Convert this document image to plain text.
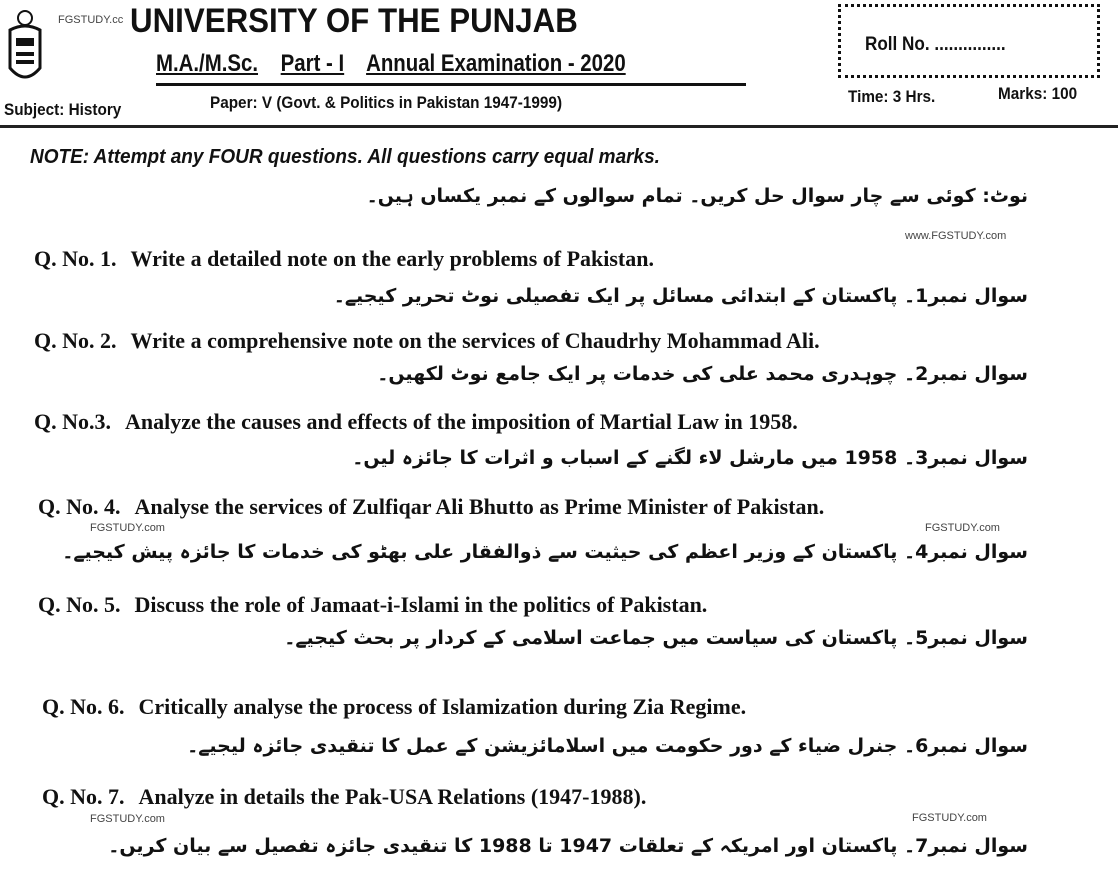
FGSTUDY.cc UNIVERSITY OF THE PUNJAB
M.A./M.Sc. Part - I Annual Examination - 2020
Roll No. ...............
Subject: History	Paper: V (Govt. & Politics in Pakistan 1947-1999)	Time: 3 Hrs.	Marks: 100
NOTE: Attempt any FOUR questions. All questions carry equal marks.
نوٹ: کوئی سے چار سوال حل کریں۔ تمام سوالوں کے نمبر یکساں ہیں۔
www.FGSTUDY.com
FGSTUDY.com
FGSTUDY.com
FGSTUDY.com
FGSTUDY.com
Q. No. 1. Write a detailed note on the early problems of Pakistan.
سوال نمبر1۔ پاکستان کے ابتدائی مسائل پر ایک تفصیلی نوٹ تحریر کیجیے۔
Q. No. 2. Write a comprehensive note on the services of Chaudrhy Mohammad Ali.
سوال نمبر2۔ چوہدری محمد علی کی خدمات پر ایک جامع نوٹ لکھیں۔
Q. No.3. Analyze the causes and effects of the imposition of Martial Law in 1958.
سوال نمبر3۔ 1958 میں مارشل لاء لگنے کے اسباب و اثرات کا جائزہ لیں۔
Q. No. 4. Analyse the services of Zulfiqar Ali Bhutto as Prime Minister of Pakistan.
سوال نمبر4۔ پاکستان کے وزیر اعظم کی حیثیت سے ذوالفقار علی بھٹو کی خدمات کا جائزہ پیش کیجیے۔
Q. No. 5. Discuss the role of Jamaat-i-Islami in the politics of Pakistan.
سوال نمبر5۔ پاکستان کی سیاست میں جماعت اسلامی کے کردار پر بحث کیجیے۔
Q. No. 6. Critically analyse the process of Islamization during Zia Regime.
سوال نمبر6۔ جنرل ضیاء کے دور حکومت میں اسلامائزیشن کے عمل کا تنقیدی جائزہ لیجیے۔
Q. No. 7. Analyze in details the Pak-USA Relations (1947-1988).
سوال نمبر7۔ پاکستان اور امریکہ کے تعلقات 1947 تا 1988 کا تنقیدی جائزہ تفصیل سے بیان کریں۔
